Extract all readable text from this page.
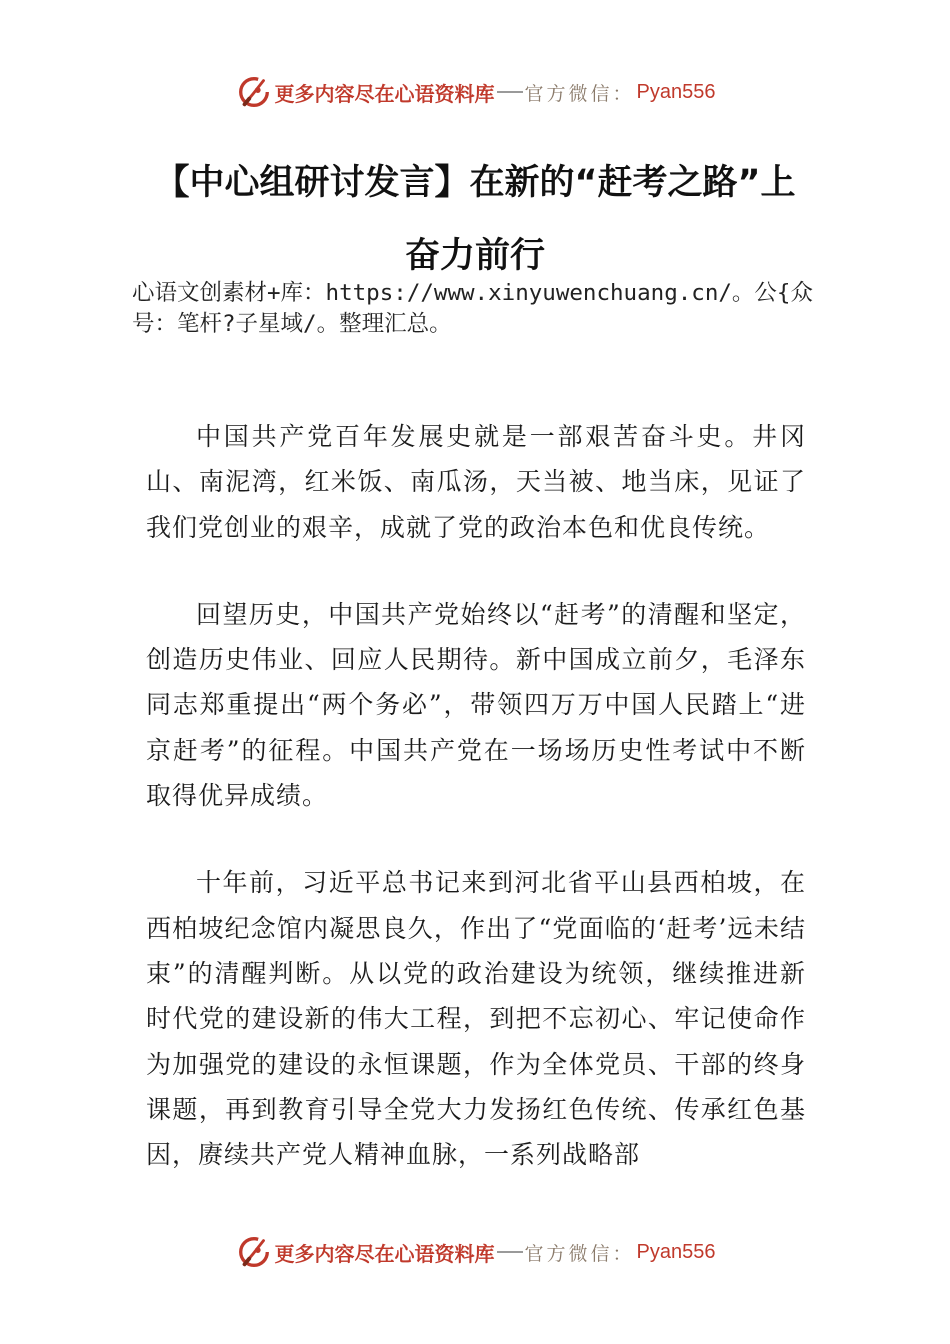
更多内容尽在心语资料库 官方微信： Pyan556
【中心组研讨发言】在新的“赶考之路”上
奋力前行

心语文创素材+库：https://www.xinyuwenchuang.cn/。公{众号：笔杆?子星域/。整理汇总。

中国共产党百年发展史就是一部艰苦奋斗史。井冈山、南泥湾，红米饭、南瓜汤，天当被、地当床，见证了我们党创业的艰辛，成就了党的政治本色和优良传统。

回望历史，中国共产党始终以“赶考”的清醒和坚定，创造历史伟业、回应人民期待。新中国成立前夕，毛泽东同志郑重提出“两个务必”，带领四万万中国人民踏上“进京赶考”的征程。中国共产党在一场场历史性考试中不断取得优异成绩。

十年前，习近平总书记来到河北省平山县西柏坡，在西柏坡纪念馆内凝思良久，作出了“党面临的‘赶考’远未结束”的清醒判断。从以党的政治建设为统领，继续推进新时代党的建设新的伟大工程，到把不忘初心、牢记使命作为加强党的建设的永恒课题，作为全体党员、干部的终身课题，再到教育引导全党大力发扬红色传统、传承红色基因，赓续共产党人精神血脉，一系列战略部

更多内容尽在心语资料库 官方微信： Pyan556
